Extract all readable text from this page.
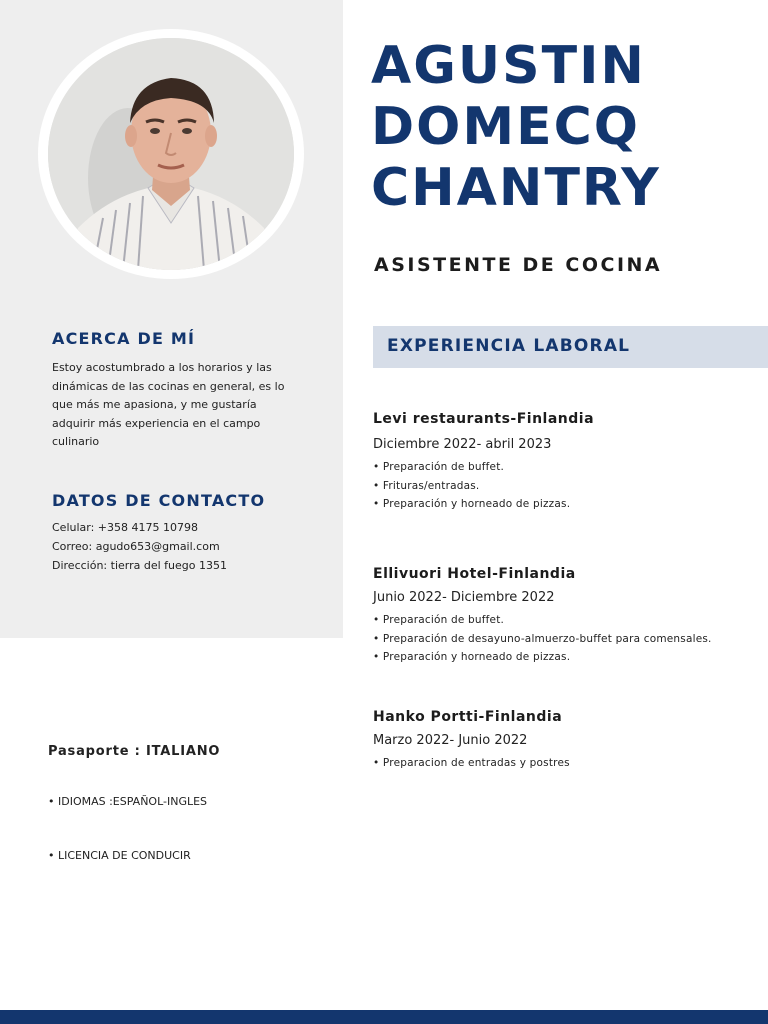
AGUSTIN
DOMECQ
CHANTRY
ASISTENTE DE COCINA
ACERCA DE MÍ
Estoy acostumbrado a los horarios y las dinámicas de las cocinas en general, es lo que más me apasiona, y me gustaría adquirir más experiencia en el campo culinario
DATOS DE CONTACTO
Celular: +358 4175 10798
Correo: agudo653@gmail.com
Dirección: tierra del fuego 1351
Pasaporte : ITALIANO
• IDIOMAS :ESPAÑOL-INGLES
• LICENCIA DE CONDUCIR
EXPERIENCIA LABORAL
Levi restaurants-Finlandia
Diciembre 2022- abril 2023
• Preparación de buffet.
• Frituras/entradas.
• Preparación y horneado de pizzas.
Ellivuori Hotel-Finlandia
Junio 2022- Diciembre 2022
• Preparación de buffet.
• Preparación de desayuno-almuerzo-buffet para comensales.
• Preparación y horneado de pizzas.
Hanko Portti-Finlandia
Marzo 2022- Junio 2022
• Preparacion de entradas y postres
